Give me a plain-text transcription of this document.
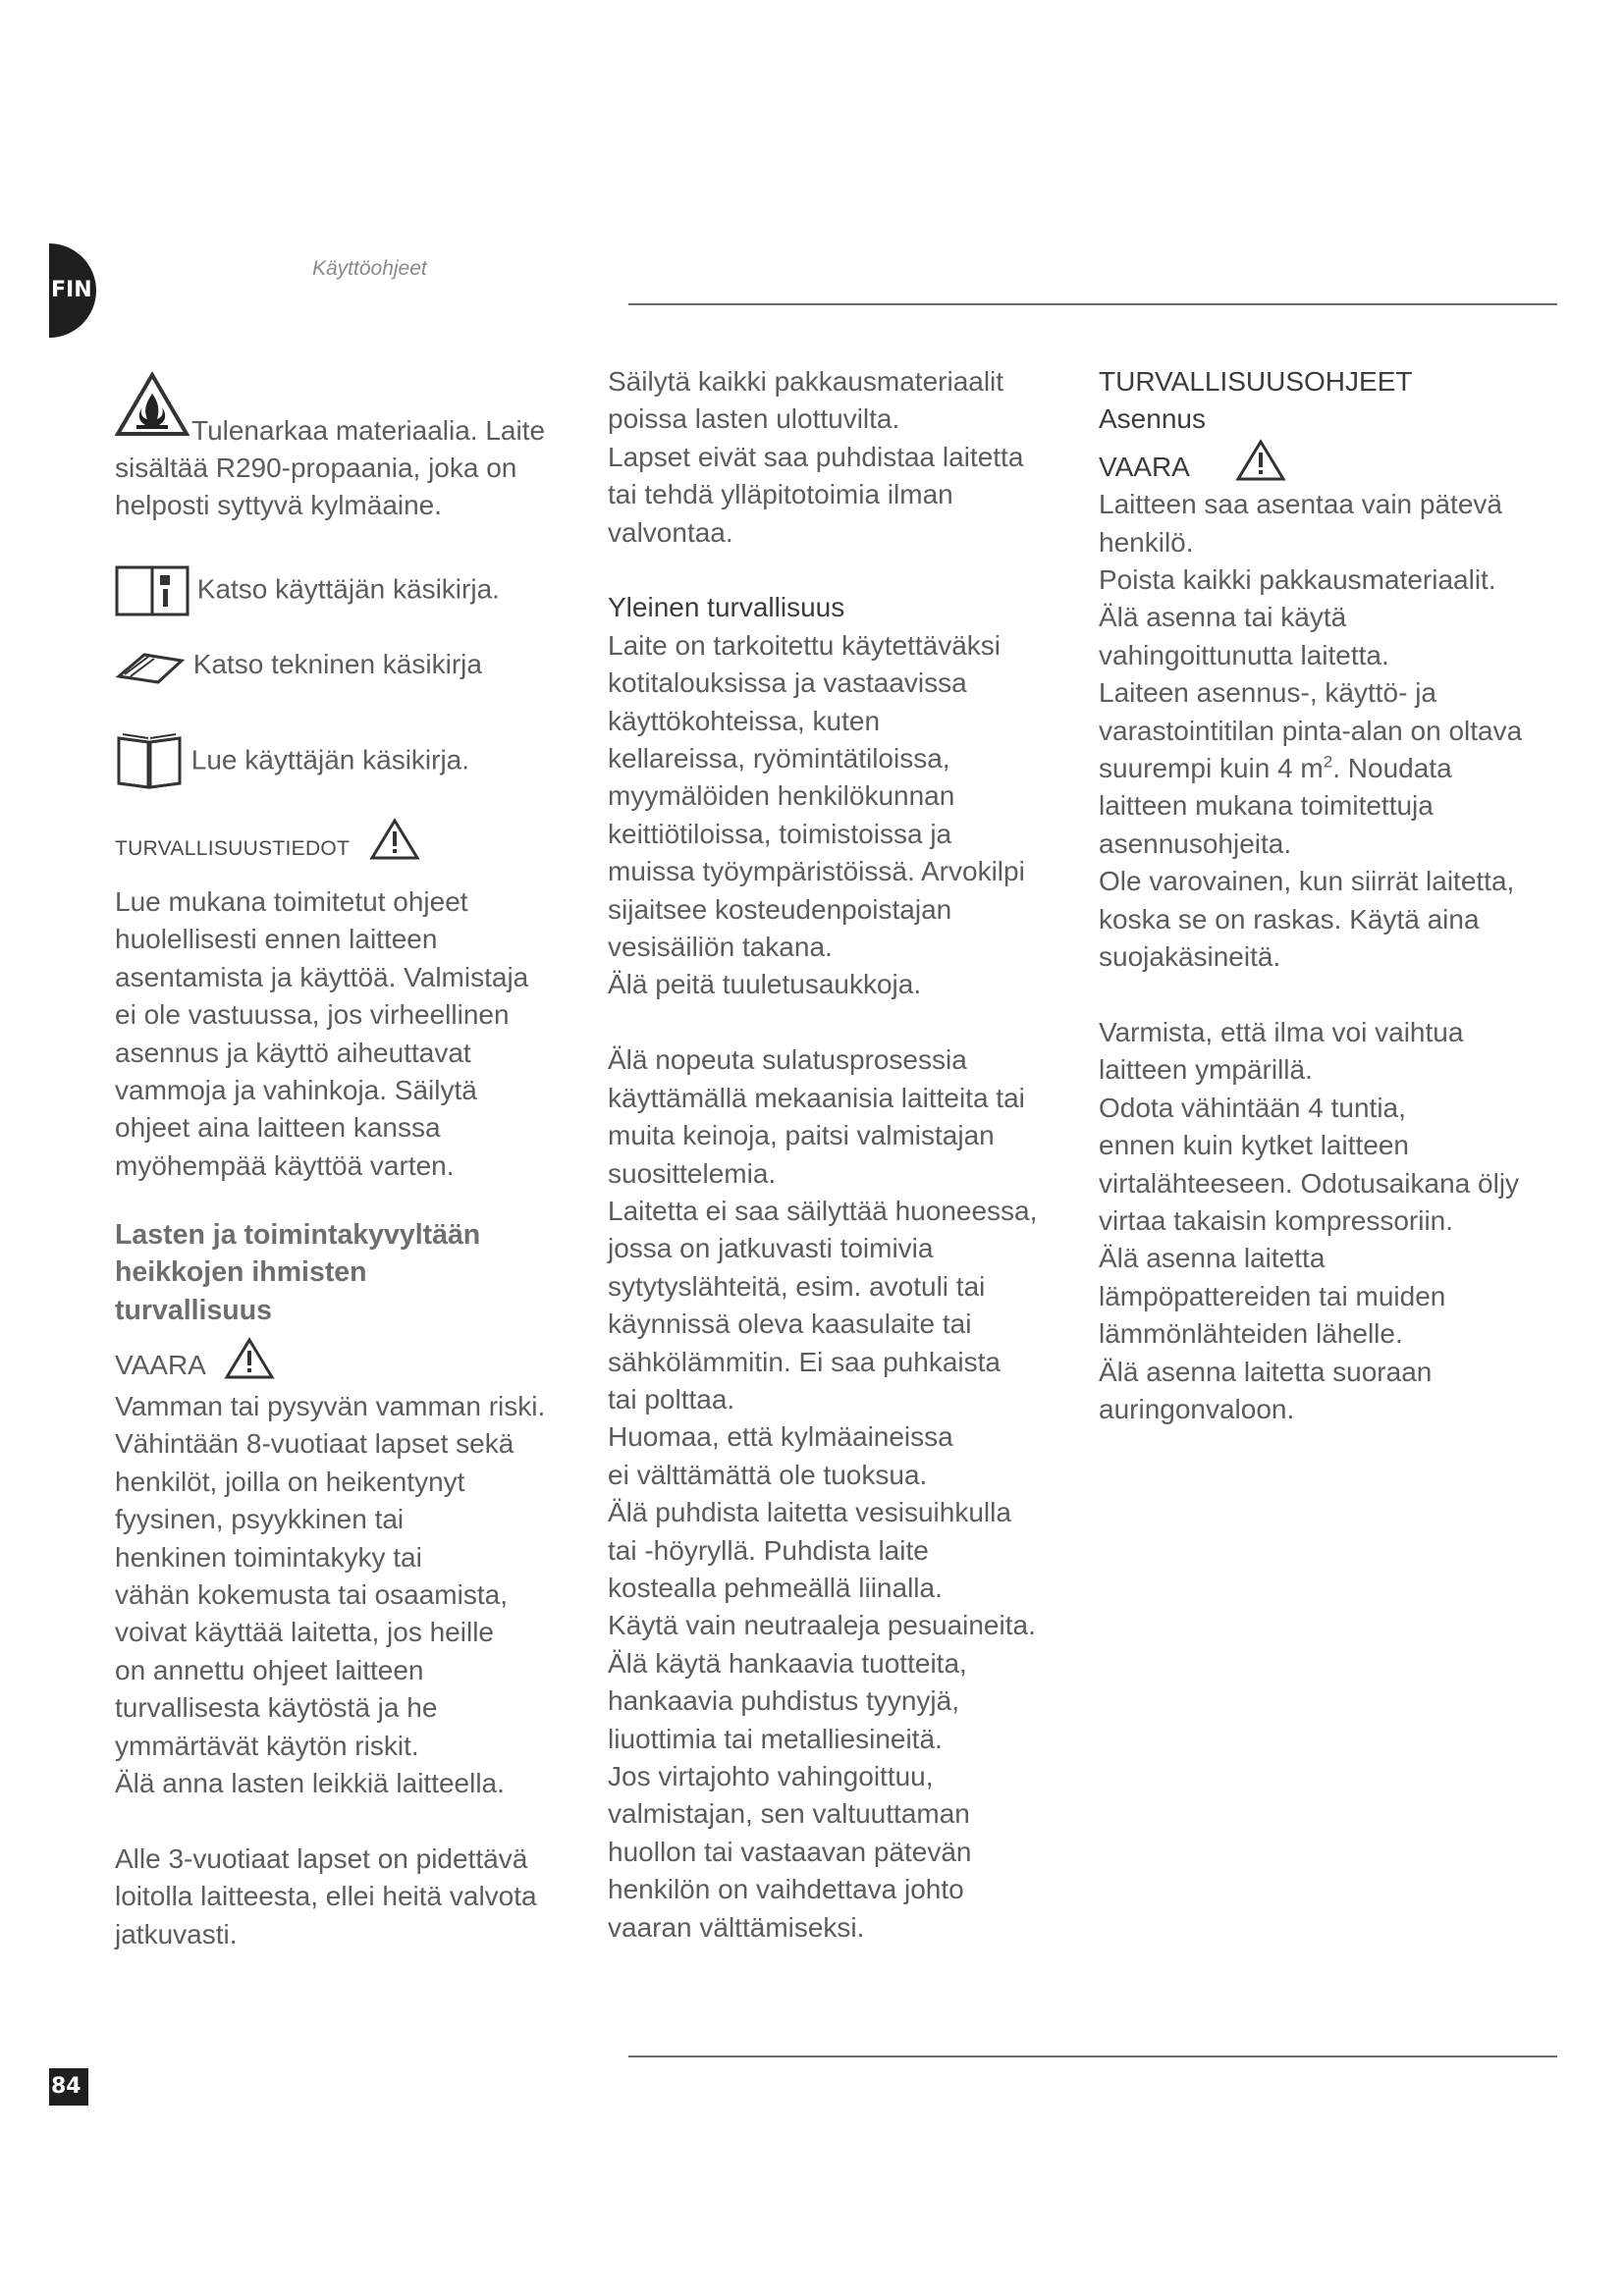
FIN
Käyttöohjeet

Tulenarkaa materiaalia. Laite

sisältää R290-propaania, joka on

helposti syttyvä kylmäaine.

Katso käyttäjän käsikirja.
Katso tekninen käsikirja
Lue käyttäjän käsikirja.

TURVALLISUUSTIEDOT

Lue mukana toimitetut ohjeet

huolellisesti ennen laitteen

asentamista ja käyttöä. Valmistaja

ei ole vastuussa, jos virheellinen

asennus ja käyttö aiheuttavat

vammoja ja vahinkoja. Säilytä

ohjeet aina laitteen kanssa

myöhempää käyttöä varten.

Lasten ja toimintakyvyltään

heikkojen ihmisten

turvallisuus

VAARA

Vamman tai pysyvän vamman riski.

Vähintään 8-vuotiaat lapset sekä

henkilöt, joilla on heikentynyt

fyysinen, psyykkinen tai

henkinen toimintakyky tai

vähän kokemusta tai osaamista,

voivat käyttää laitetta, jos heille

on annettu ohjeet laitteen

turvallisesta käytöstä ja he

ymmärtävät käytön riskit.

Älä anna lasten leikkiä laitteella.

Alle 3-vuotiaat lapset on pidettävä

loitolla laitteesta, ellei heitä valvota

jatkuvasti.

Säilytä kaikki pakkausmateriaalit

poissa lasten ulottuvilta.

Lapset eivät saa puhdistaa laitetta

tai tehdä ylläpitotoimia ilman

valvontaa.

Yleinen turvallisuus

Laite on tarkoitettu käytettäväksi

kotitalouksissa ja vastaavissa

käyttökohteissa, kuten

kellareissa, ryömintätiloissa,

myymälöiden henkilökunnan

keittiötiloissa, toimistoissa ja

muissa työympäristöissä. Arvokilpi

sijaitsee kosteudenpoistajan

vesisäiliön takana.

Älä peitä tuuletusaukkoja.

Älä nopeuta sulatusprosessia

käyttämällä mekaanisia laitteita tai

muita keinoja, paitsi valmistajan

suosittelemia.

Laitetta ei saa säilyttää huoneessa,

jossa on jatkuvasti toimivia

sytytyslähteitä, esim. avotuli tai

käynnissä oleva kaasulaite tai

sähkölämmitin. Ei saa puhkaista

tai polttaa.

Huomaa, että kylmäaineissa

ei välttämättä ole tuoksua.

Älä puhdista laitetta vesisuihkulla

tai -höyryllä. Puhdista laite

kostealla pehmeällä liinalla.

Käytä vain neutraaleja pesuaineita.

Älä käytä hankaavia tuotteita,

hankaavia puhdistus tyynyjä,

liuottimia tai metalliesineitä.

Jos virtajohto vahingoittuu,

valmistajan, sen valtuuttaman

huollon tai vastaavan pätevän

henkilön on vaihdettava johto

vaaran välttämiseksi.

TURVALLISUUSOHJEET

Asennus

VAARA

Laitteen saa asentaa vain pätevä

henkilö.

Poista kaikki pakkausmateriaalit.

Älä asenna tai käytä

vahingoittunutta laitetta.

Laiteen asennus-, käyttö- ja

varastointitilan pinta-alan on oltava

suurempi kuin 4 $m^2$. Noudata

laitteen mukana toimitettuja

asennusohjeita.

Ole varovainen, kun siirrät laitetta,

koska se on raskas. Käytä aina

suojakäsineitä.

Varmista, että ilma voi vaihtua

laitteen ympärillä.

Odota vähintään 4 tuntia,

ennen kuin kytket laitteen

virtalähteeseen. Odotusaikana öljy

virtaa takaisin kompressoriin.

Älä asenna laitetta

lämpöpattereiden tai muiden

lämmönlähteiden lähelle.

Älä asenna laitetta suoraan

auringonvaloon.

84
